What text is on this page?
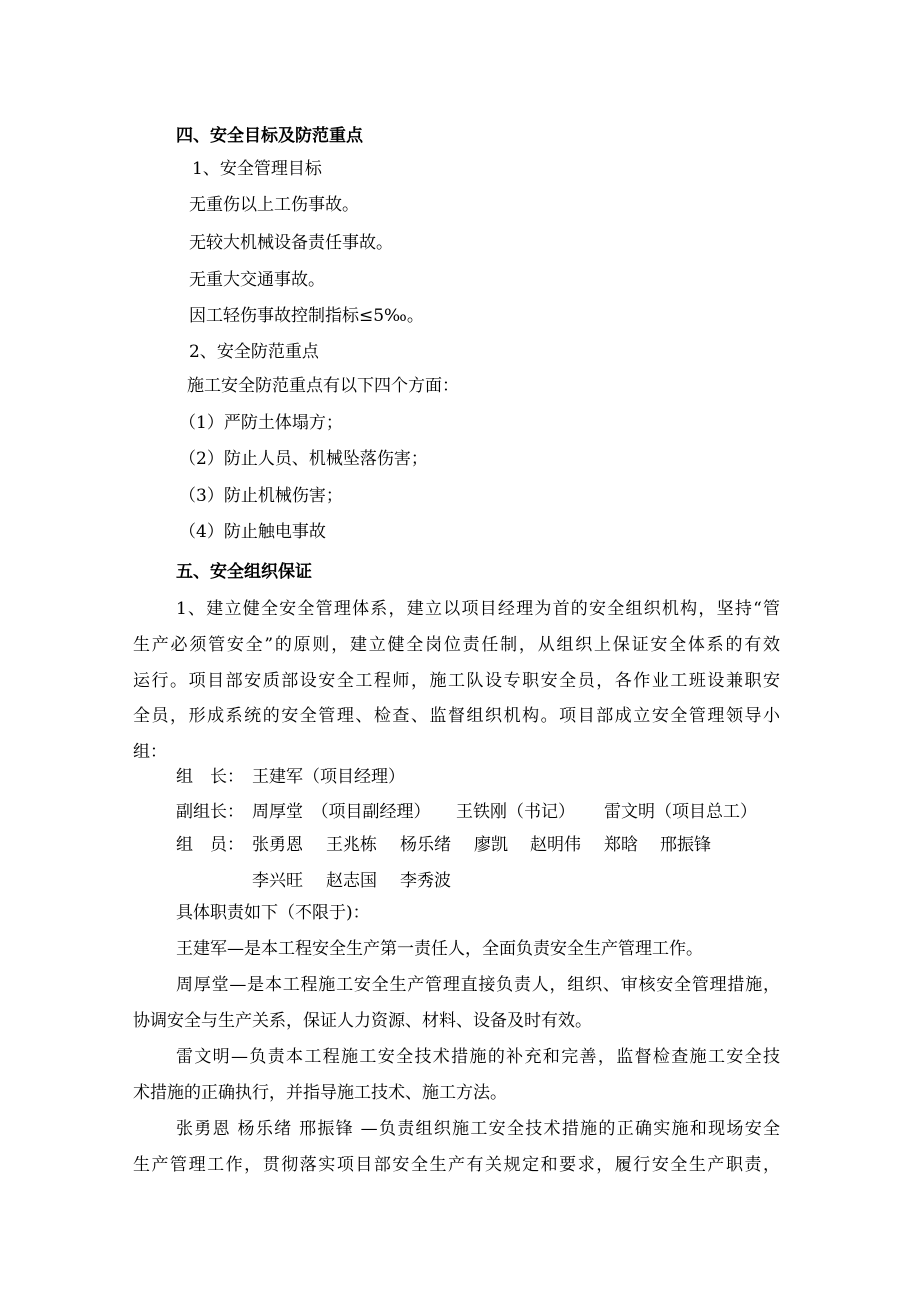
四、安全目标及防范重点
1、安全管理目标
无重伤以上工伤事故。
无较大机械设备责任事故。
无重大交通事故。
因工轻伤事故控制指标≤5‰。
2、安全防范重点
施工安全防范重点有以下四个方面：
（1）严防土体塌方；
（2）防止人员、机械坠落伤害；
（3）防止机械伤害；
（4）防止触电事故
五、安全组织保证
1、建立健全安全管理体系，建立以项目经理为首的安全组织机构，坚持“管
生产必须管安全”的原则，建立健全岗位责任制，从组织上保证安全体系的有效
运行。项目部安质部设安全工程师，施工队设专职安全员，各作业工班设兼职安
全员，形成系统的安全管理、检查、监督组织机构。项目部成立安全管理领导小
组：
组　长： 王建军（项目经理）
副组长： 周厚堂　（项目副经理） 王铁刚（书记） 雷文明（项目总工）
组　员： 张勇恩 王兆栋 杨乐绪 廖凯 赵明伟 郑晗 邢振锋
李兴旺 赵志国 李秀波
具体职责如下（不限于)：
王建军—是本工程安全生产第一责任人，全面负责安全生产管理工作。
周厚堂—是本工程施工安全生产管理直接负责人，组织、审核安全管理措施，
协调安全与生产关系，保证人力资源、材料、设备及时有效。
雷文明—负责本工程施工安全技术措施的补充和完善，监督检查施工安全技
术措施的正确执行，并指导施工技术、施工方法。
张勇恩 杨乐绪 邢振锋 —负责组织施工安全技术措施的正确实施和现场安全
生产管理工作，贯彻落实项目部安全生产有关规定和要求，履行安全生产职责，
